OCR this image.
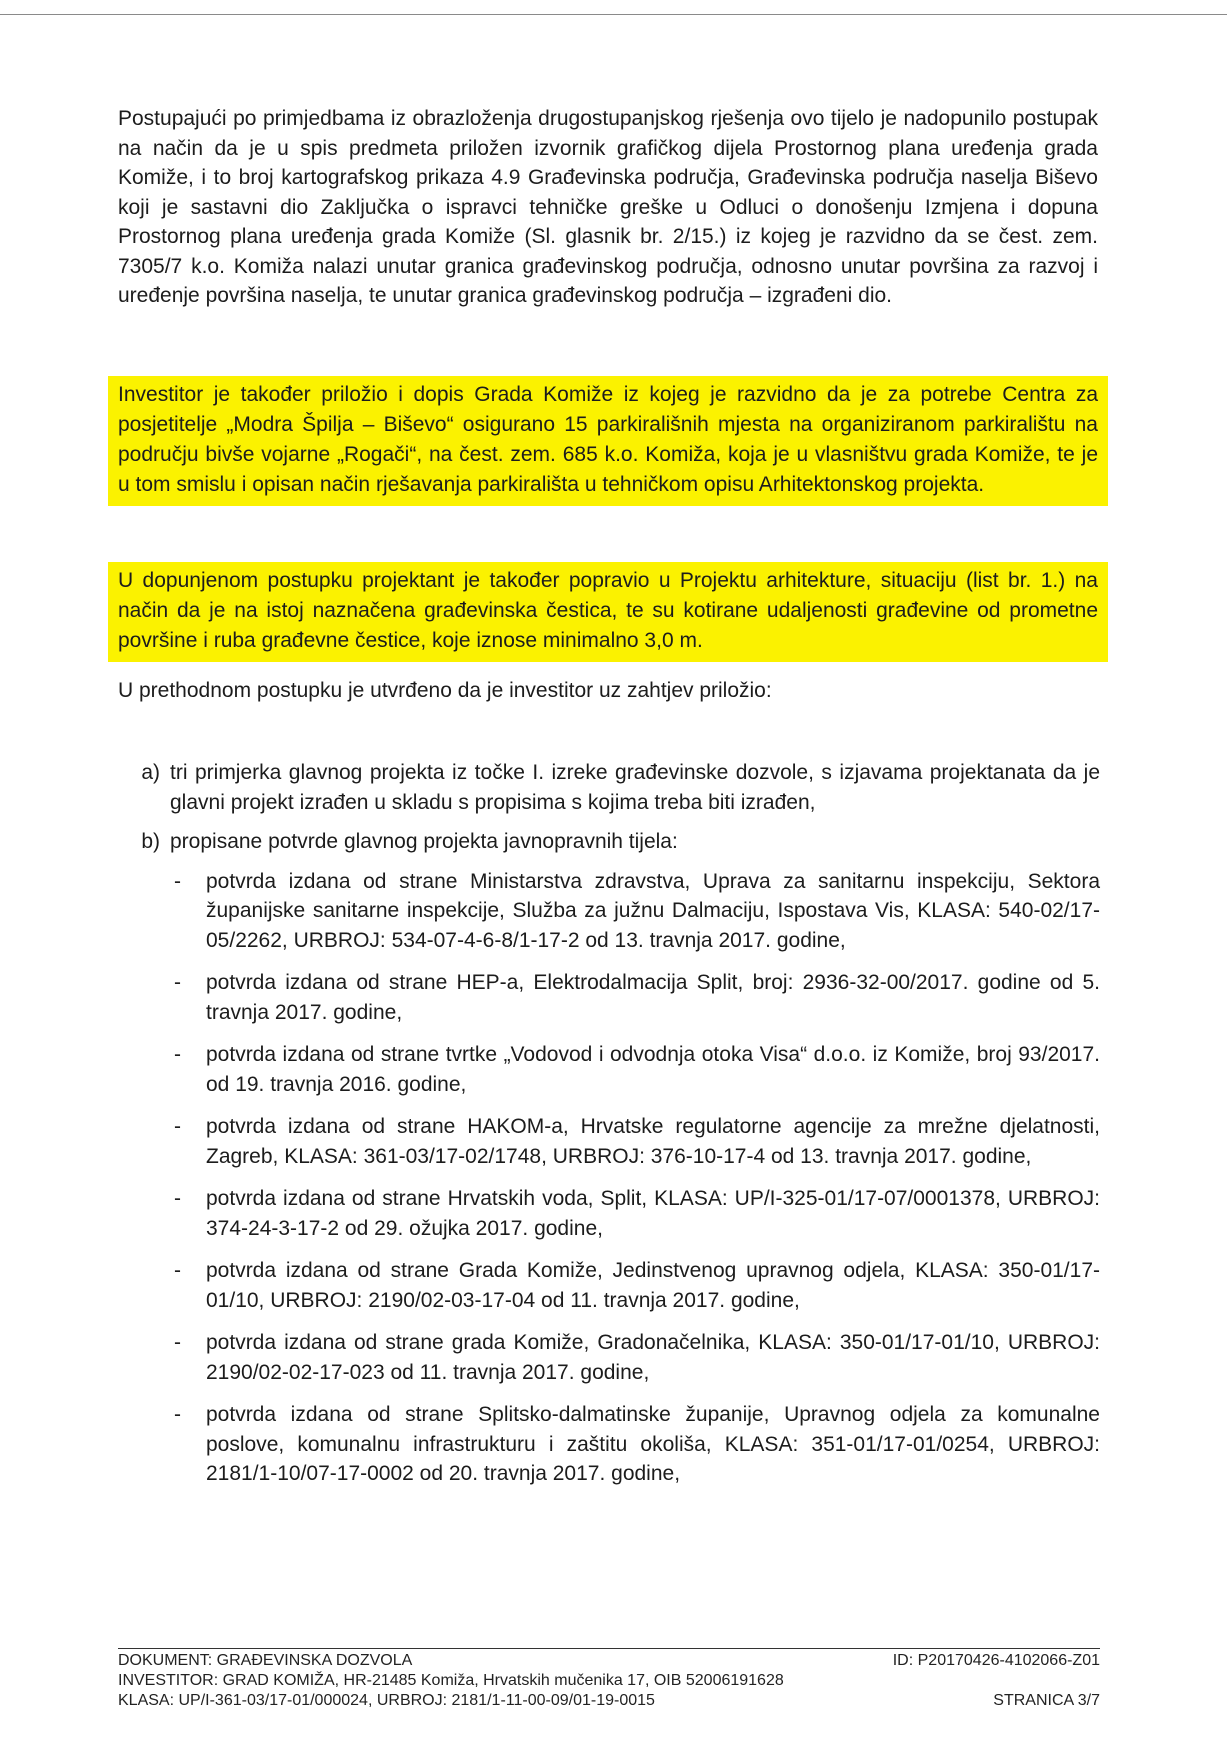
Postupajući po primjedbama iz obrazloženja drugostupanjskog rješenja ovo tijelo je nadopunilo postupak na način da je u spis predmeta priložen izvornik grafičkog dijela Prostornog plana uređenja grada Komiže, i to broj kartografskog prikaza 4.9 Građevinska područja, Građevinska područja naselja Biševo koji je sastavni dio Zaključka o ispravci tehničke greške u Odluci o donošenju Izmjena i dopuna Prostornog plana uređenja grada Komiže (Sl. glasnik br. 2/15.) iz kojeg je razvidno da se čest. zem. 7305/7 k.o. Komiža nalazi unutar granica građevinskog područja, odnosno unutar površina za razvoj i uređenje površina naselja, te unutar granica građevinskog područja – izgrađeni dio.

Investitor je također priložio i dopis Grada Komiže iz kojeg je razvidno da je za potrebe Centra za posjetitelje „Modra Špilja – Biševo“ osigurano 15 parkirališnih mjesta na organiziranom parkiralištu na području bivše vojarne „Rogači“, na čest. zem. 685 k.o. Komiža, koja je u vlasništvu grada Komiže, te je u tom smislu i opisan način rješavanja parkirališta u tehničkom opisu Arhitektonskog projekta.

U dopunjenom postupku projektant je također popravio u Projektu arhitekture, situaciju (list br. 1.) na način da je na istoj naznačena građevinska čestica, te su kotirane udaljenosti građevine od prometne površine i ruba građevne čestice, koje iznose minimalno 3,0 m.

U prethodnom postupku je utvrđeno da je investitor uz zahtjev priložio:

a) tri primjerka glavnog projekta iz točke I. izreke građevinske dozvole, s izjavama projektanata da je glavni projekt izrađen u skladu s propisima s kojima treba biti izrađen,

b) propisane potvrde glavnog projekta javnopravnih tijela:

-	potvrda izdana od strane Ministarstva zdravstva, Uprava za sanitarnu inspekciju, Sektora županijske sanitarne inspekcije, Služba za južnu Dalmaciju, Ispostava Vis, KLASA: 540-02/17-05/2262, URBROJ: 534-07-4-6-8/1-17-2 od 13. travnja 2017. godine,

-	potvrda izdana od strane HEP-a, Elektrodalmacija Split, broj: 2936-32-00/2017. godine od 5. travnja 2017. godine,

-	potvrda izdana od strane tvrtke „Vodovod i odvodnja otoka Visa“ d.o.o. iz Komiže, broj 93/2017. od 19. travnja 2016. godine,

-	potvrda izdana od strane HAKOM-a, Hrvatske regulatorne agencije za mrežne djelatnosti, Zagreb, KLASA: 361-03/17-02/1748, URBROJ: 376-10-17-4 od 13. travnja 2017. godine,

-	potvrda izdana od strane Hrvatskih voda, Split, KLASA: UP/I-325-01/17-07/0001378, URBROJ: 374-24-3-17-2 od 29. ožujka 2017. godine,

-	potvrda izdana od strane Grada Komiže, Jedinstvenog upravnog odjela, KLASA: 350-01/17-01/10, URBROJ: 2190/02-03-17-04 od 11. travnja 2017. godine,

-	potvrda izdana od strane grada Komiže, Gradonačelnika, KLASA: 350-01/17-01/10, URBROJ: 2190/02-02-17-023 od 11. travnja 2017. godine,

-	potvrda izdana od strane Splitsko-dalmatinske županije, Upravnog odjela za komunalne poslove, komunalnu infrastrukturu i zaštitu okoliša, KLASA: 351-01/17-01/0254, URBROJ: 2181/1-10/07-17-0002 od 20. travnja 2017. godine,

DOKUMENT: GRAĐEVINSKA DOZVOLA	ID: P20170426-4102066-Z01
INVESTITOR: GRAD KOMIŽA, HR-21485 Komiža, Hrvatskih mučenika 17, OIB 52006191628
KLASA: UP/I-361-03/17-01/000024, URBROJ: 2181/1-11-00-09/01-19-0015	STRANICA 3/7
